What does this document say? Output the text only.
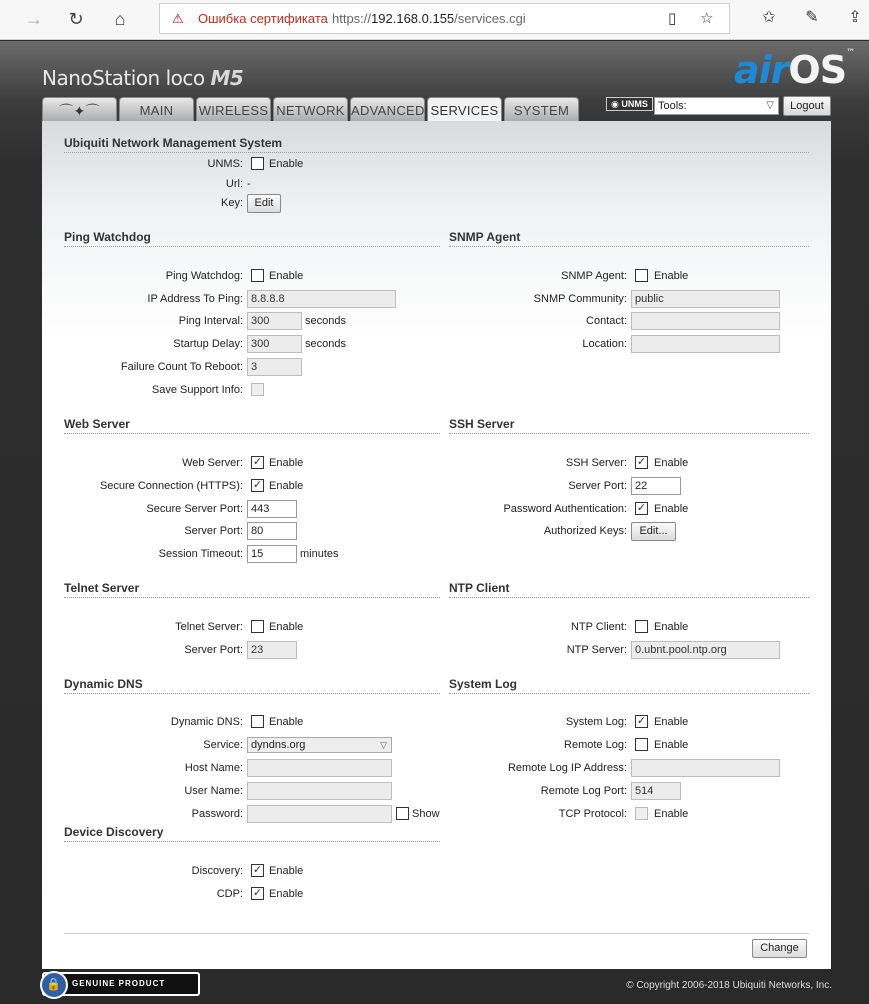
→	↻	⌂	⚠ Ошибка сертификата https://192.168.0.155/services.cgi	▯ ☆	✩	✎	⇪
NanoStation loco M5	airOS™
⌒✦⌒	MAIN	WIRELESS NETWORK ADVANCED SERVICES	SYSTEM	◉ UNMS Tools:	▽	Logout
Ubiquiti Network Management System
UNMS: Enable
Url: -
Key:	Edit
Ping Watchdog
Ping Watchdog: Enable
IP Address To Ping: 8.8.8.8
Ping Interval: 300	seconds
Startup Delay: 300	seconds
Failure Count To Reboot: 3
Save Support Info:
SNMP Agent
SNMP Agent: Enable
SNMP Community: public
Contact:
Location:
Web Server
Web Server: ✓ Enable
Secure Connection (HTTPS): ✓ Enable
Secure Server Port: 443
Server Port: 80
Session Timeout: 15	minutes
SSH Server
SSH Server: ✓ Enable
Server Port: 22
Password Authentication: ✓ Enable
Authorized Keys:	Edit...
Telnet Server
Telnet Server: Enable
Server Port: 23
NTP Client
NTP Client: Enable
NTP Server: 0.ubnt.pool.ntp.org
Dynamic DNS
Dynamic DNS: Enable
Service: dyndns.org	▽
Host Name:
User Name:
Password:	Show
System Log
System Log: ✓ Enable
Remote Log: Enable
Remote Log IP Address:
Remote Log Port: 514
TCP Protocol: Enable
Device Discovery
Discovery: ✓ Enable
CDP: ✓ Enable
Change
🔒	GENUINE PRODUCT	© Copyright 2006-2018 Ubiquiti Networks, Inc.
